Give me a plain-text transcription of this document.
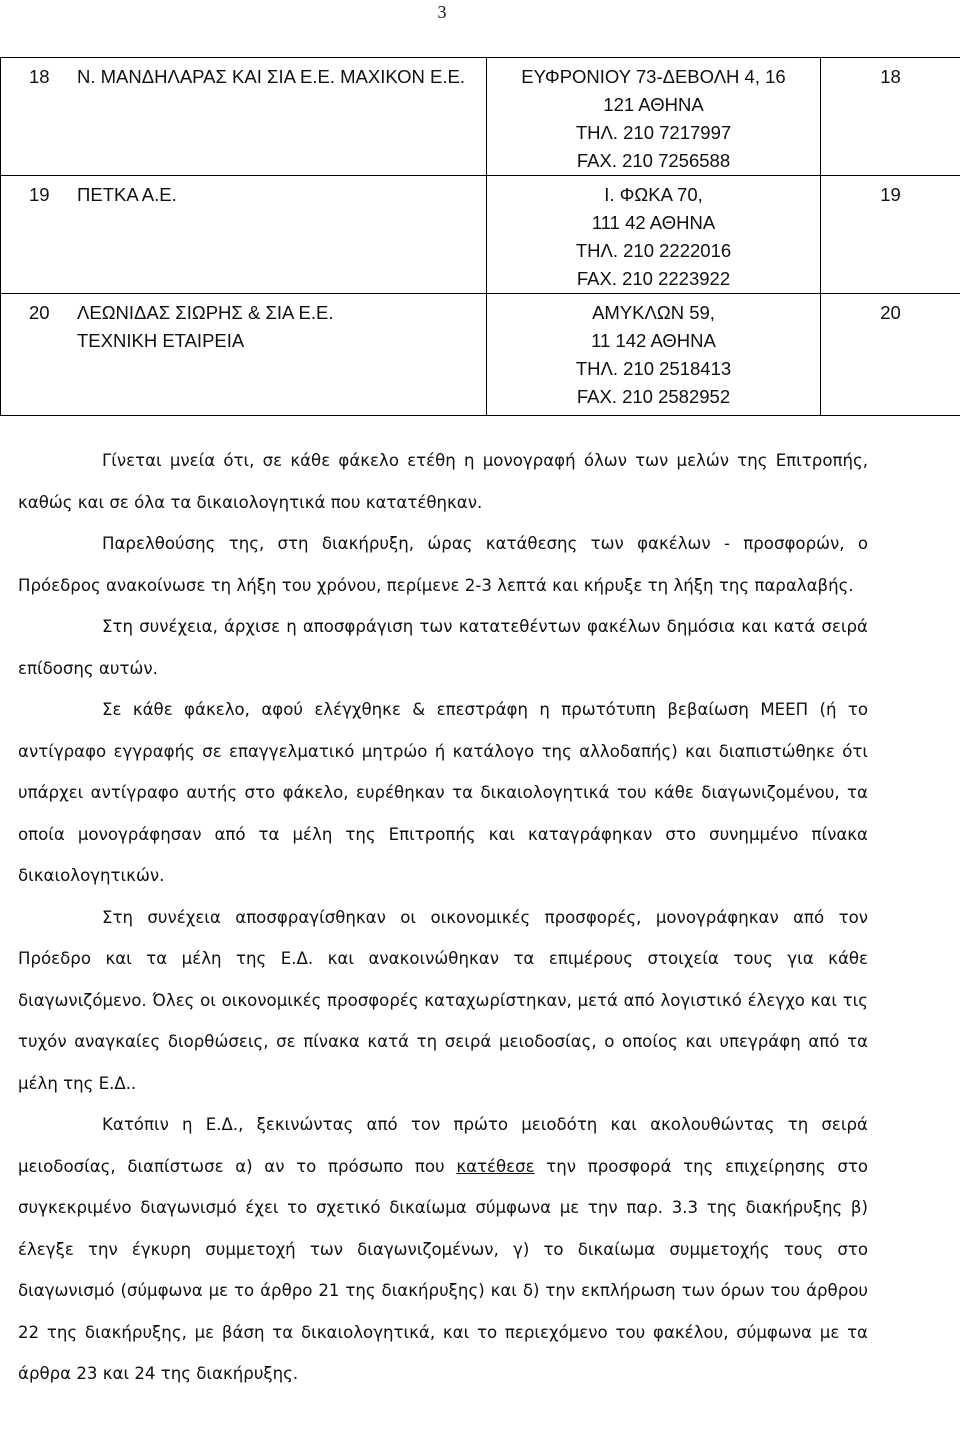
3
18 Ν. ΜΑΝΔΗΛΑΡΑΣ ΚΑΙ ΣΙΑ Ε.Ε. ΜΑΧΙΚΟΝ Ε.Ε.	ΕΥΦΡΟΝΙΟΥ 73-ΔΕΒΟΛΗ 4, 16
121 ΑΘΗΝΑ
ΤΗΛ. 210 7217997
FAX. 210 7256588	18

19 ΠΕΤΚΑ Α.Ε.	Ι. ΦΩΚΑ 70,
111 42 ΑΘΗΝΑ
ΤΗΛ. 210 2222016
FAX. 210 2223922	19

20 ΛΕΩΝΙΔΑΣ ΣΙΩΡΗΣ & ΣΙΑ Ε.Ε.
ΤΕΧΝΙΚΗ ΕΤΑΙΡΕΙΑ	ΑΜΥΚΛΩΝ 59,
11 142 ΑΘΗΝΑ
ΤΗΛ. 210 2518413
FAX. 210 2582952	20

Γίνεται μνεία ότι, σε κάθε φάκελο ετέθη η μονογραφή όλων των μελών της Επιτροπής, καθώς και σε όλα τα δικαιολογητικά που κατατέθηκαν.

Παρελθούσης της, στη διακήρυξη, ώρας κατάθεσης των φακέλων - προσφορών, ο Πρόεδρος ανακοίνωσε τη λήξη του χρόνου, περίμενε 2-3 λεπτά και κήρυξε τη λήξη της παραλαβής.

Στη συνέχεια, άρχισε η αποσφράγιση των κατατεθέντων φακέλων δημόσια και κατά σειρά επίδοσης αυτών.

Σε κάθε φάκελο, αφού ελέγχθηκε & επεστράφη η πρωτότυπη βεβαίωση ΜΕΕΠ (ή το αντίγραφο εγγραφής σε επαγγελματικό μητρώο ή κατάλογο της αλλοδαπής) και διαπιστώθηκε ότι υπάρχει αντίγραφο αυτής στο φάκελο, ευρέθηκαν τα δικαιολογητικά του κάθε διαγωνιζομένου, τα οποία μονογράφησαν από τα μέλη της Επιτροπής και καταγράφηκαν στο συνημμένο πίνακα δικαιολογητικών.

Στη συνέχεια αποσφραγίσθηκαν οι οικονομικές προσφορές, μονογράφηκαν από τον Πρόεδρο και τα μέλη της Ε.Δ. και ανακοινώθηκαν τα επιμέρους στοιχεία τους για κάθε διαγωνιζόμενο. Όλες οι οικονομικές προσφορές καταχωρίστηκαν, μετά από λογιστικό έλεγχο και τις τυχόν αναγκαίες διορθώσεις, σε πίνακα κατά τη σειρά μειοδοσίας, ο οποίος και υπεγράφη από τα μέλη της Ε.Δ..

Κατόπιν η Ε.Δ., ξεκινώντας από τον πρώτο μειοδότη και ακολουθώντας τη σειρά μειοδοσίας, διαπίστωσε α) αν το πρόσωπο που κατέθεσε την προσφορά της επιχείρησης στο συγκεκριμένο διαγωνισμό έχει το σχετικό δικαίωμα σύμφωνα με την παρ. 3.3 της διακήρυξης β) έλεγξε την έγκυρη συμμετοχή των διαγωνιζομένων, γ) το δικαίωμα συμμετοχής τους στο διαγωνισμό (σύμφωνα με το άρθρο 21 της διακήρυξης) και δ) την εκπλήρωση των όρων του άρθρου 22 της διακήρυξης, με βάση τα δικαιολογητικά, και το περιεχόμενο του φακέλου, σύμφωνα με τα άρθρα 23 και 24 της διακήρυξης.
